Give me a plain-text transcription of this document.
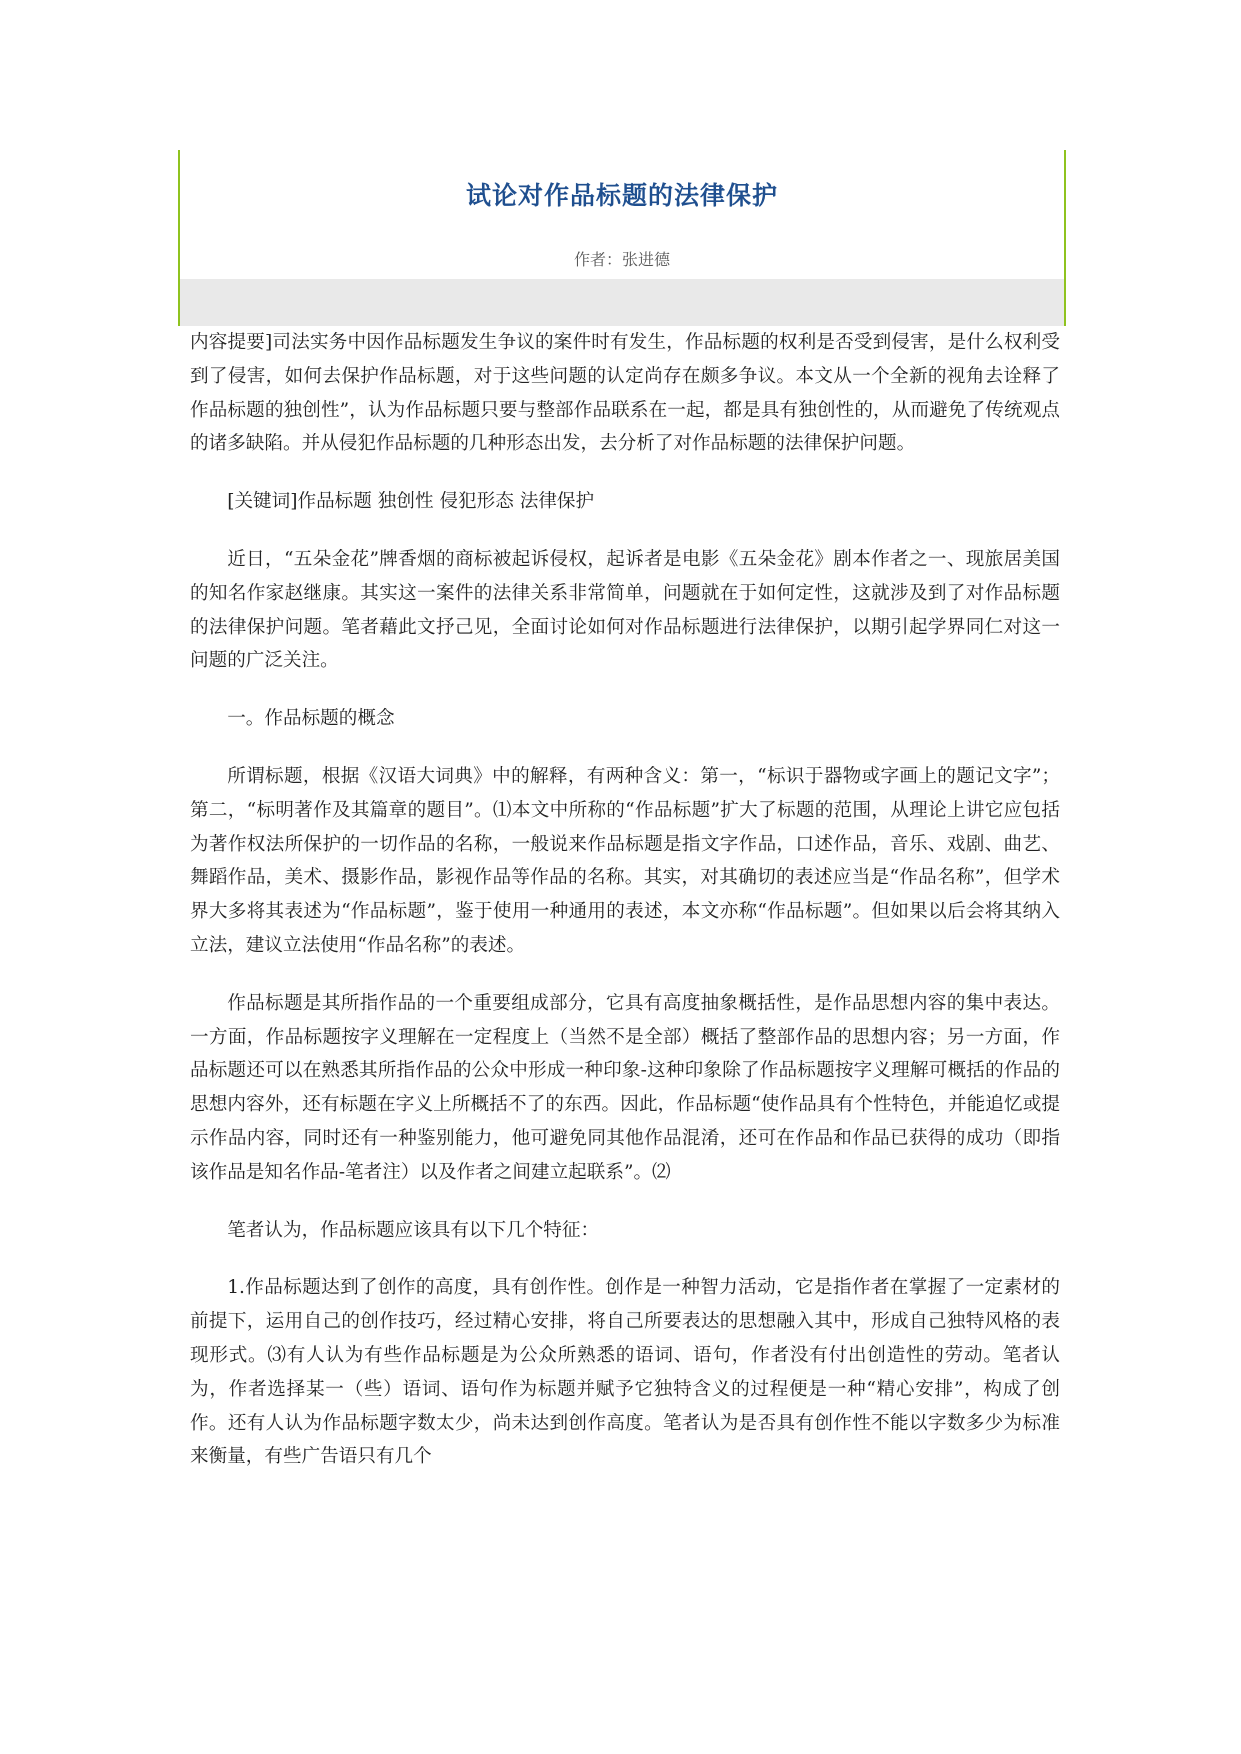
试论对作品标题的法律保护
作者：张进德

内容提要]司法实务中因作品标题发生争议的案件时有发生，作品标题的权利是否受到侵害，是什么权利受到了侵害，如何去保护作品标题，对于这些问题的认定尚存在颇多争议。本文从一个全新的视角去诠释了作品标题的独创性”，认为作品标题只要与整部作品联系在一起，都是具有独创性的，从而避免了传统观点的诸多缺陷。并从侵犯作品标题的几种形态出发，去分析了对作品标题的法律保护问题。

[关键词]作品标题 独创性 侵犯形态 法律保护

近日，“五朵金花”牌香烟的商标被起诉侵权，起诉者是电影《五朵金花》剧本作者之一、现旅居美国的知名作家赵继康。其实这一案件的法律关系非常简单，问题就在于如何定性，这就涉及到了对作品标题的法律保护问题。笔者藉此文抒己见，全面讨论如何对作品标题进行法律保护，以期引起学界同仁对这一问题的广泛关注。

一。作品标题的概念

所谓标题，根据《汉语大词典》中的解释，有两种含义：第一，“标识于器物或字画上的题记文字”；第二，“标明著作及其篇章的题目”。⑴本文中所称的“作品标题”扩大了标题的范围，从理论上讲它应包括为著作权法所保护的一切作品的名称，一般说来作品标题是指文字作品，口述作品，音乐、戏剧、曲艺、舞蹈作品，美术、摄影作品，影视作品等作品的名称。其实，对其确切的表述应当是“作品名称”，但学术界大多将其表述为“作品标题”，鉴于使用一种通用的表述，本文亦称“作品标题”。但如果以后会将其纳入立法，建议立法使用“作品名称”的表述。

作品标题是其所指作品的一个重要组成部分，它具有高度抽象概括性，是作品思想内容的集中表达。一方面，作品标题按字义理解在一定程度上（当然不是全部）概括了整部作品的思想内容；另一方面，作品标题还可以在熟悉其所指作品的公众中形成一种印象-这种印象除了作品标题按字义理解可概括的作品的思想内容外，还有标题在字义上所概括不了的东西。因此，作品标题“使作品具有个性特色，并能追忆或提示作品内容，同时还有一种鉴别能力，他可避免同其他作品混淆，还可在作品和作品已获得的成功（即指该作品是知名作品-笔者注）以及作者之间建立起联系”。⑵

笔者认为，作品标题应该具有以下几个特征：

1.作品标题达到了创作的高度，具有创作性。创作是一种智力活动，它是指作者在掌握了一定素材的前提下，运用自己的创作技巧，经过精心安排，将自己所要表达的思想融入其中，形成自己独特风格的表现形式。⑶有人认为有些作品标题是为公众所熟悉的语词、语句，作者没有付出创造性的劳动。笔者认为，作者选择某一（些）语词、语句作为标题并赋予它独特含义的过程便是一种“精心安排”，构成了创作。还有人认为作品标题字数太少，尚未达到创作高度。笔者认为是否具有创作性不能以字数多少为标准来衡量，有些广告语只有几个
